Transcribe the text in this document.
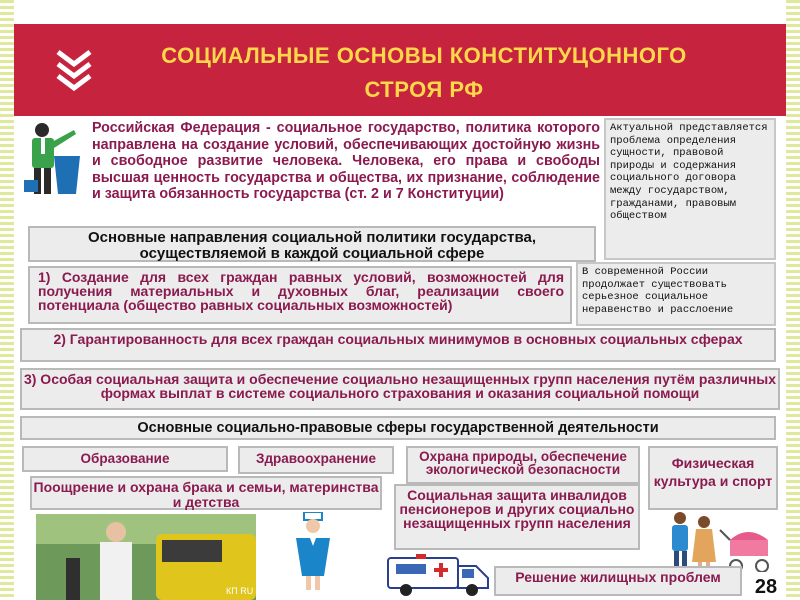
СОЦИАЛЬНЫЕ ОСНОВЫ КОНСТИТУЦОННОГО
СТРОЯ РФ
Российская Федерация - социальное государство, политика которого направлена на создание условий, обеспечивающих достойную жизнь и свободное развитие человека. Человека, его права и свободы высшая ценность государства и общества, их признание, соблюдение и защита обязанность государства (ст. 2 и 7 Конституции)
Актуальной представляется проблема определения сущности, правовой природы и содержания социального договора между государством, гражданами, правовым обществом
Основные направления социальной политики государства,
осуществляемой в каждой социальной сфере
В современной России продолжает существовать серьезное социальное неравенство и расслоение
1) Создание для всех граждан равных условий, возможностей для получения материальных и духовных благ, реализации своего потенциала (общество равных социальных возможностей)
2) Гарантированность для всех граждан социальных минимумов в основных социальных сферах
3) Особая социальная защита и обеспечение социально незащищенных групп населения путём различных формах выплат в системе социального страхования и оказания социальной помощи
Основные социально-правовые сферы государственной деятельности
Образование	Здравоохранение	Охрана природы, обеспечение экологической безопасности	Физическая культура и спорт
Поощрение и охрана брака и семьи, материнства и детства	Социальная защита инвалидов пенсионеров и других социально незащищенных групп населения
КП RU
Решение жилищных проблем	28
